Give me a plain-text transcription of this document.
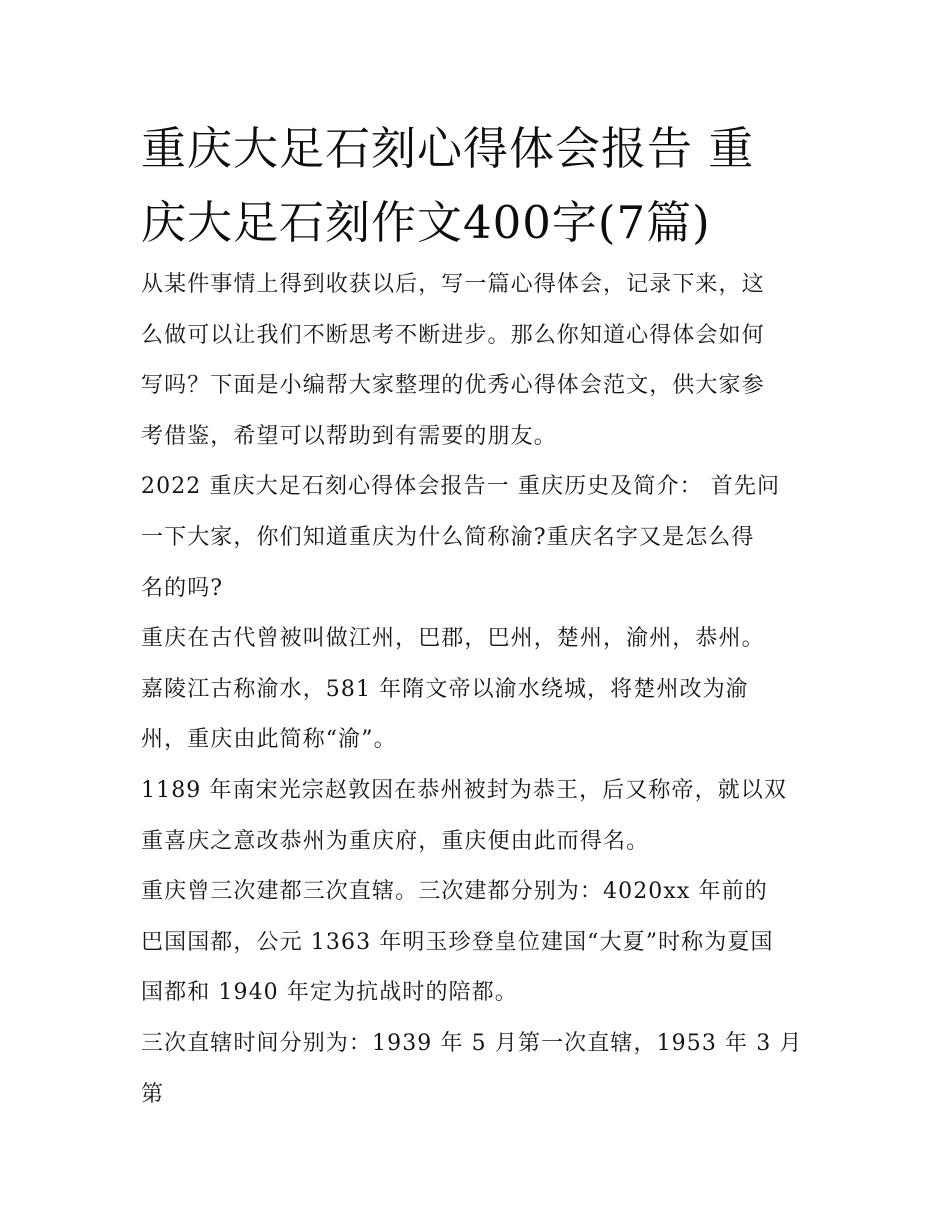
重庆大足石刻心得体会报告 重
庆大足石刻作文400字(7篇)

从某件事情上得到收获以后，写一篇心得体会，记录下来，这
么做可以让我们不断思考不断进步。那么你知道心得体会如何
写吗？下面是小编帮大家整理的优秀心得体会范文，供大家参
考借鉴，希望可以帮助到有需要的朋友。

2022 重庆大足石刻心得体会报告一 重庆历史及简介： 首先问
一下大家，你们知道重庆为什么简称渝?重庆名字又是怎么得
名的吗?

重庆在古代曾被叫做江州，巴郡，巴州，楚州，渝州，恭州。
嘉陵江古称渝水，581 年隋文帝以渝水绕城，将楚州改为渝
州，重庆由此简称“渝”。

1189 年南宋光宗赵敦因在恭州被封为恭王，后又称帝，就以双
重喜庆之意改恭州为重庆府，重庆便由此而得名。

重庆曾三次建都三次直辖。三次建都分别为：4020xx 年前的
巴国国都，公元 1363 年明玉珍登皇位建国“大夏”时称为夏国
国都和 1940 年定为抗战时的陪都。

三次直辖时间分别为：1939 年 5 月第一次直辖，1953 年 3 月第
